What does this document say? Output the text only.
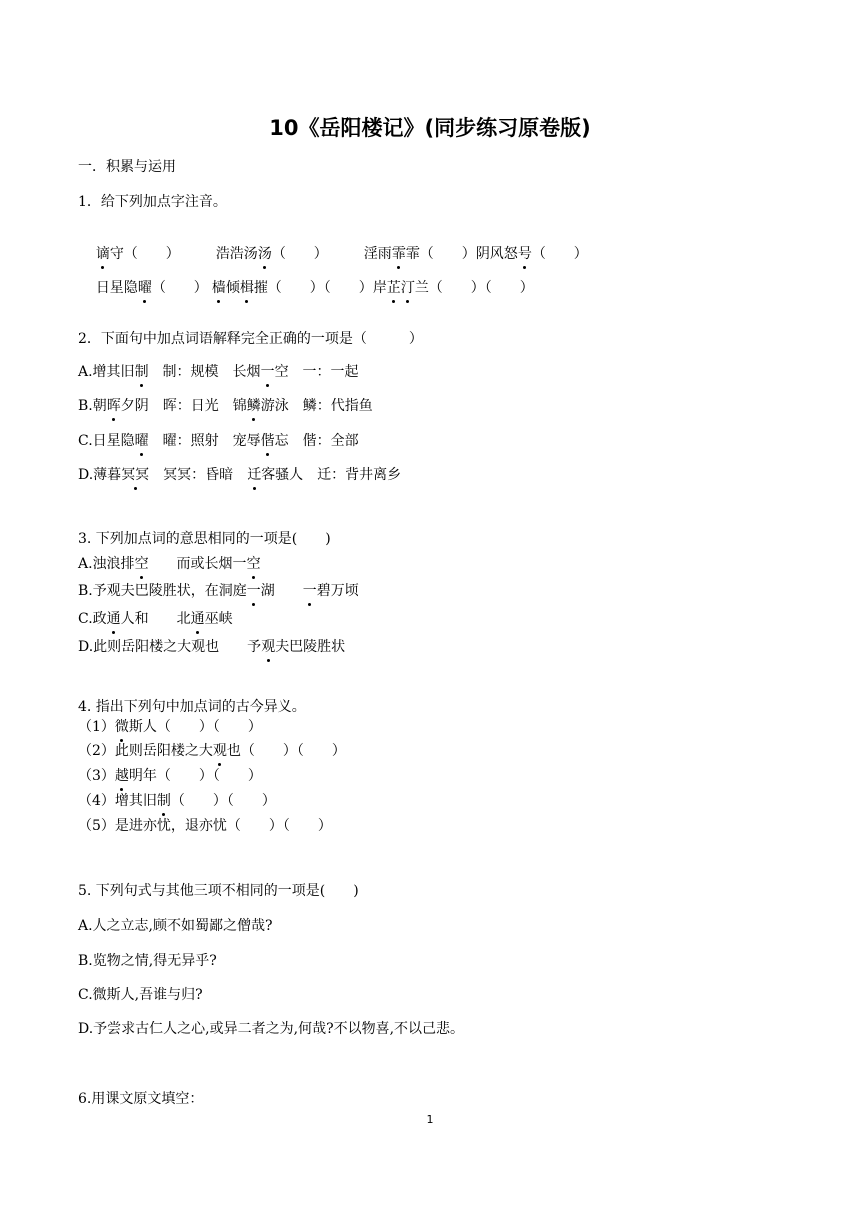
10《岳阳楼记》(同步练习原卷版)
一．积累与运用
1．给下列加点字注音。

谪守（　　）	浩浩汤汤（　　）	淫雨霏霏（　　）阴风怒号（　　）

日星隐曜（　　） 樯倾楫摧（　　）（　　）岸芷汀兰（　　）（　　）

2．下面句中加点词语解释完全正确的一项是（　　　）
A.增其旧制　制：规模　长烟一空　一：一起
B.朝晖夕阴　晖：日光　锦鳞游泳　鳞：代指鱼
C.日星隐曜　曜：照射　宠辱偕忘　偕：全部
D.薄暮冥冥　冥冥：昏暗　迁客骚人　迁：背井离乡
3. 下列加点词的意思相同的一项是(　　)
A.浊浪排空　　而或长烟一空
B.予观夫巴陵胜状，在洞庭一湖　　一碧万顷
C.政通人和　　北通巫峡
D.此则岳阳楼之大观也　　予观夫巴陵胜状
4. 指出下列句中加点词的古今异义。
（1）微斯人（　　）（　　）
（2）此则岳阳楼之大观也（　　）（　　）
（3）越明年（　　）（　　）
（4）增其旧制（　　）（　　）
（5）是进亦忧，退亦忧（　　）（　　）
5. 下列句式与其他三项不相同的一项是(　　)
A.人之立志,顾不如蜀鄙之僧哉?
B.览物之情,得无异乎?
C.微斯人,吾谁与归?
D.予尝求古仁人之心,或异二者之为,何哉?不以物喜,不以己悲。
6.用课文原文填空：
1
